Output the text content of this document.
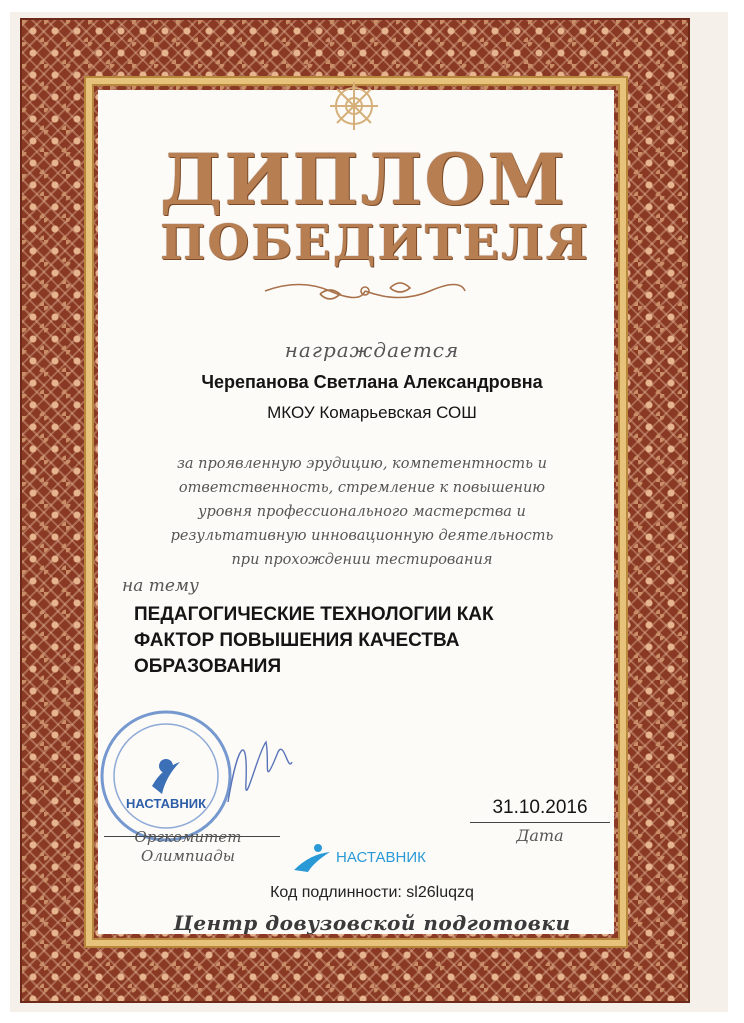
ДИПЛОМ
ПОБЕДИТЕЛЯ
награждается
Черепанова Светлана Александровна
МКОУ Комарьевская СОШ
за проявленную эрудицию, компетентность и
ответственность, стремление к повышению
уровня профессионального мастерства и
результативную инновационную деятельность
при прохождении тестирования
на тему
ПЕДАГОГИЧЕСКИЕ ТЕХНОЛОГИИ КАК
ФАКТОР ПОВЫШЕНИЯ КАЧЕСТВА
ОБРАЗОВАНИЯ
НАСТАВНИК
Оргкомитет
Олимпиады	НАСТАВНИК
31.10.2016
Дата
Код подлинности: sl26luqzq
Центр довузовской подготовки
